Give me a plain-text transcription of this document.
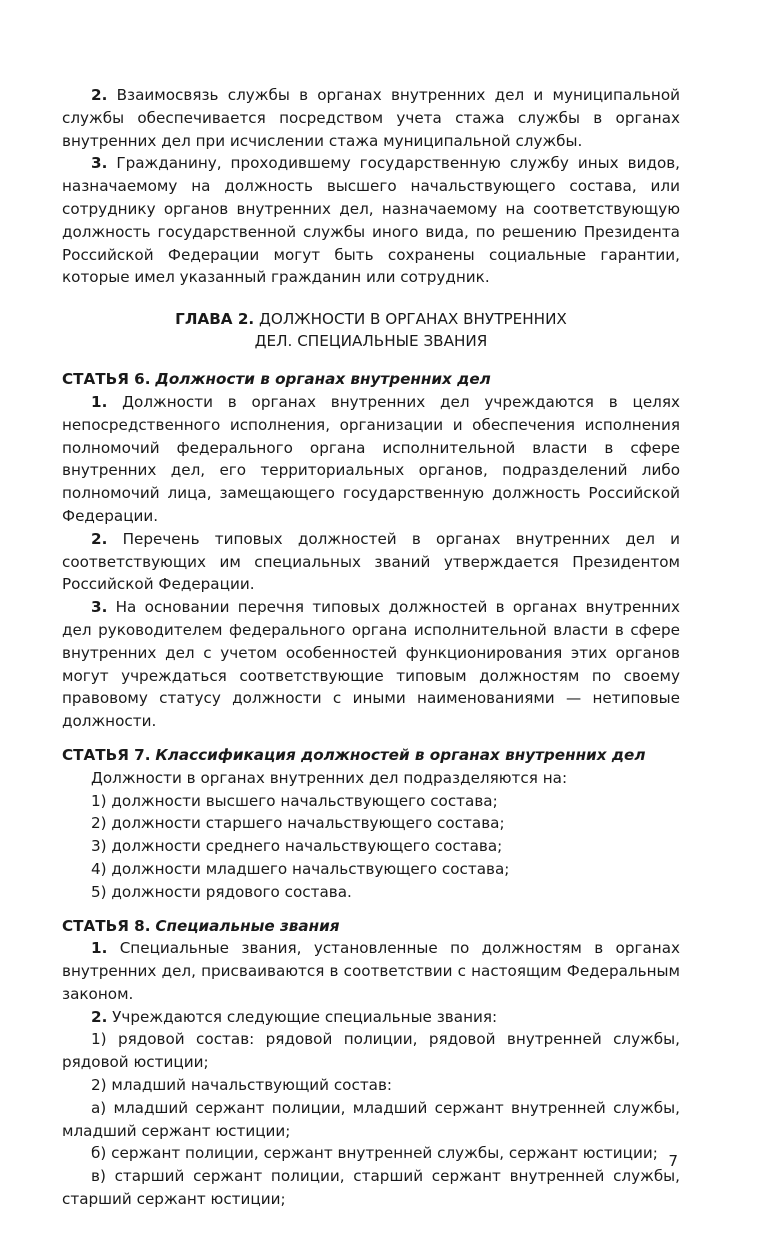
2. Взаимосвязь службы в органах внутренних дел и муниципальной службы обеспечивается посредством учета стажа службы в органах внутренних дел при исчислении стажа муниципальной службы.

3. Гражданину, проходившему государственную службу иных видов, назначаемому на должность высшего начальствующего состава, или сотруднику органов внутренних дел, назначаемому на соответствующую должность государственной службы иного вида, по решению Президента Российской Федерации могут быть сохранены социальные гарантии, которые имел указанный гражданин или сотрудник.

ГЛАВА 2. ДОЛЖНОСТИ В ОРГАНАХ ВНУТРЕННИХ
ДЕЛ. СПЕЦИАЛЬНЫЕ ЗВАНИЯ

СТАТЬЯ 6. Должности в органах внутренних дел

1. Должности в органах внутренних дел учреждаются в целях непосредственного исполнения, организации и обеспечения исполнения полномочий федерального органа исполнительной власти в сфере внутренних дел, его территориальных органов, подразделений либо полномочий лица, замещающего государственную должность Российской Федерации.

2. Перечень типовых должностей в органах внутренних дел и соответствующих им специальных званий утверждается Президентом Российской Федерации.

3. На основании перечня типовых должностей в органах внутренних дел руководителем федерального органа исполнительной власти в сфере внутренних дел с учетом особенностей функционирования этих органов могут учреждаться соответствующие типовым должностям по своему правовому статусу должности с иными наименованиями — нетиповые должности.

СТАТЬЯ 7. Классификация должностей в органах внутренних дел

Должности в органах внутренних дел подразделяются на:

1) должности высшего начальствующего состава;

2) должности старшего начальствующего состава;

3) должности среднего начальствующего состава;

4) должности младшего начальствующего состава;

5) должности рядового состава.

СТАТЬЯ 8. Специальные звания

1. Специальные звания, установленные по должностям в органах внутренних дел, присваиваются в соответствии с настоящим Федеральным законом.

2. Учреждаются следующие специальные звания:

1) рядовой состав: рядовой полиции, рядовой внутренней службы, рядовой юстиции;

2) младший начальствующий состав:

а) младший сержант полиции, младший сержант внутренней службы, младший сержант юстиции;

б) сержант полиции, сержант внутренней службы, сержант юстиции;

в) старший сержант полиции, старший сержант внутренней службы, старший сержант юстиции;

7
